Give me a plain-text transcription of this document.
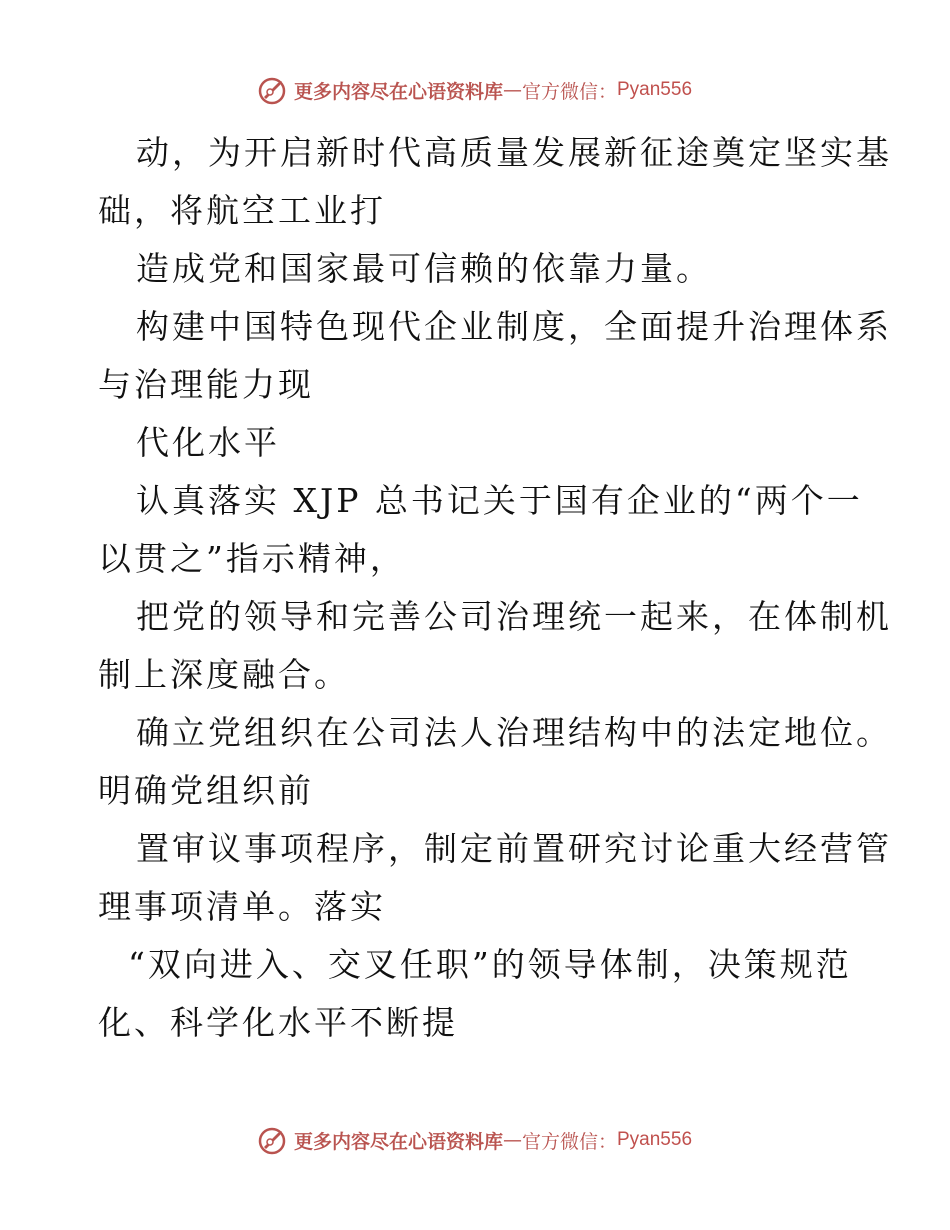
更多内容尽在心语资料库 — 官方微信： Pyan556
动，为开启新时代高质量发展新征途奠定坚实基
础，将航空工业打
造成党和国家最可信赖的依靠力量。
构建中国特色现代企业制度，全面提升治理体系
与治理能力现
代化水平
认真落实 XJP 总书记关于国有企业的“两个一
以贯之”指示精神，
把党的领导和完善公司治理统一起来，在体制机
制上深度融合。
确立党组织在公司法人治理结构中的法定地位。
明确党组织前
置审议事项程序，制定前置研究讨论重大经营管
理事项清单。落实
“双向进入、交叉任职”的领导体制，决策规范
化、科学化水平不断提
更多内容尽在心语资料库 — 官方微信： Pyan556
